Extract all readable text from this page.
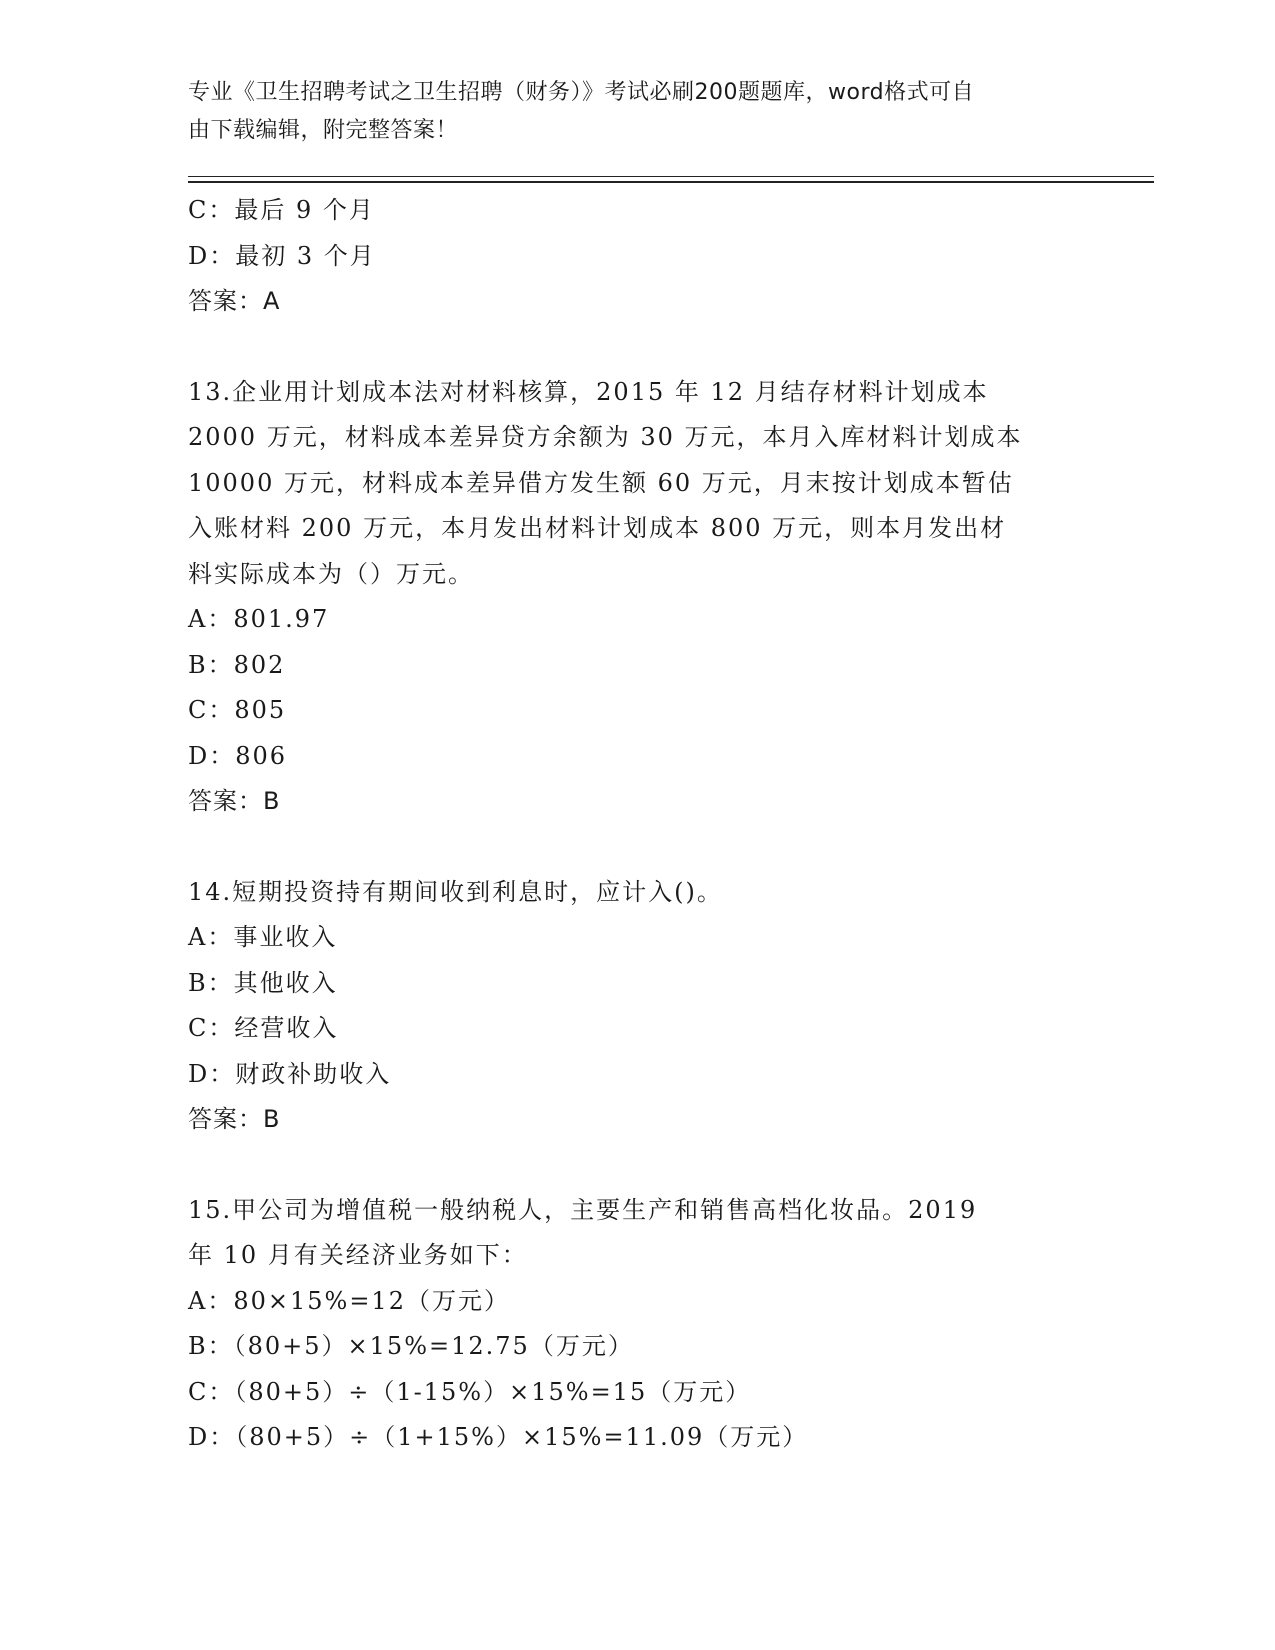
专业《卫生招聘考试之卫生招聘（财务）》考试必刷200题题库，word格式可自
由下载编辑，附完整答案！
C：最后 9 个月
D：最初 3 个月
答案：A
13.企业用计划成本法对材料核算，2015 年 12 月结存材料计划成本
2000 万元，材料成本差异贷方余额为 30 万元，本月入库材料计划成本
10000 万元，材料成本差异借方发生额 60 万元，月末按计划成本暂估
入账材料 200 万元，本月发出材料计划成本 800 万元，则本月发出材
料实际成本为（）万元。
A：801.97
B：802
C：805
D：806
答案：B
14.短期投资持有期间收到利息时，应计入()。
A：事业收入
B：其他收入
C：经营收入
D：财政补助收入
答案：B
15.甲公司为增值税一般纳税人，主要生产和销售高档化妆品。2019
年 10 月有关经济业务如下：
A：80×15%=12（万元）
B：（80+5）×15%=12.75（万元）
C：（80+5）÷（1-15%）×15%=15（万元）
D：（80+5）÷（1+15%）×15%=11.09（万元）
